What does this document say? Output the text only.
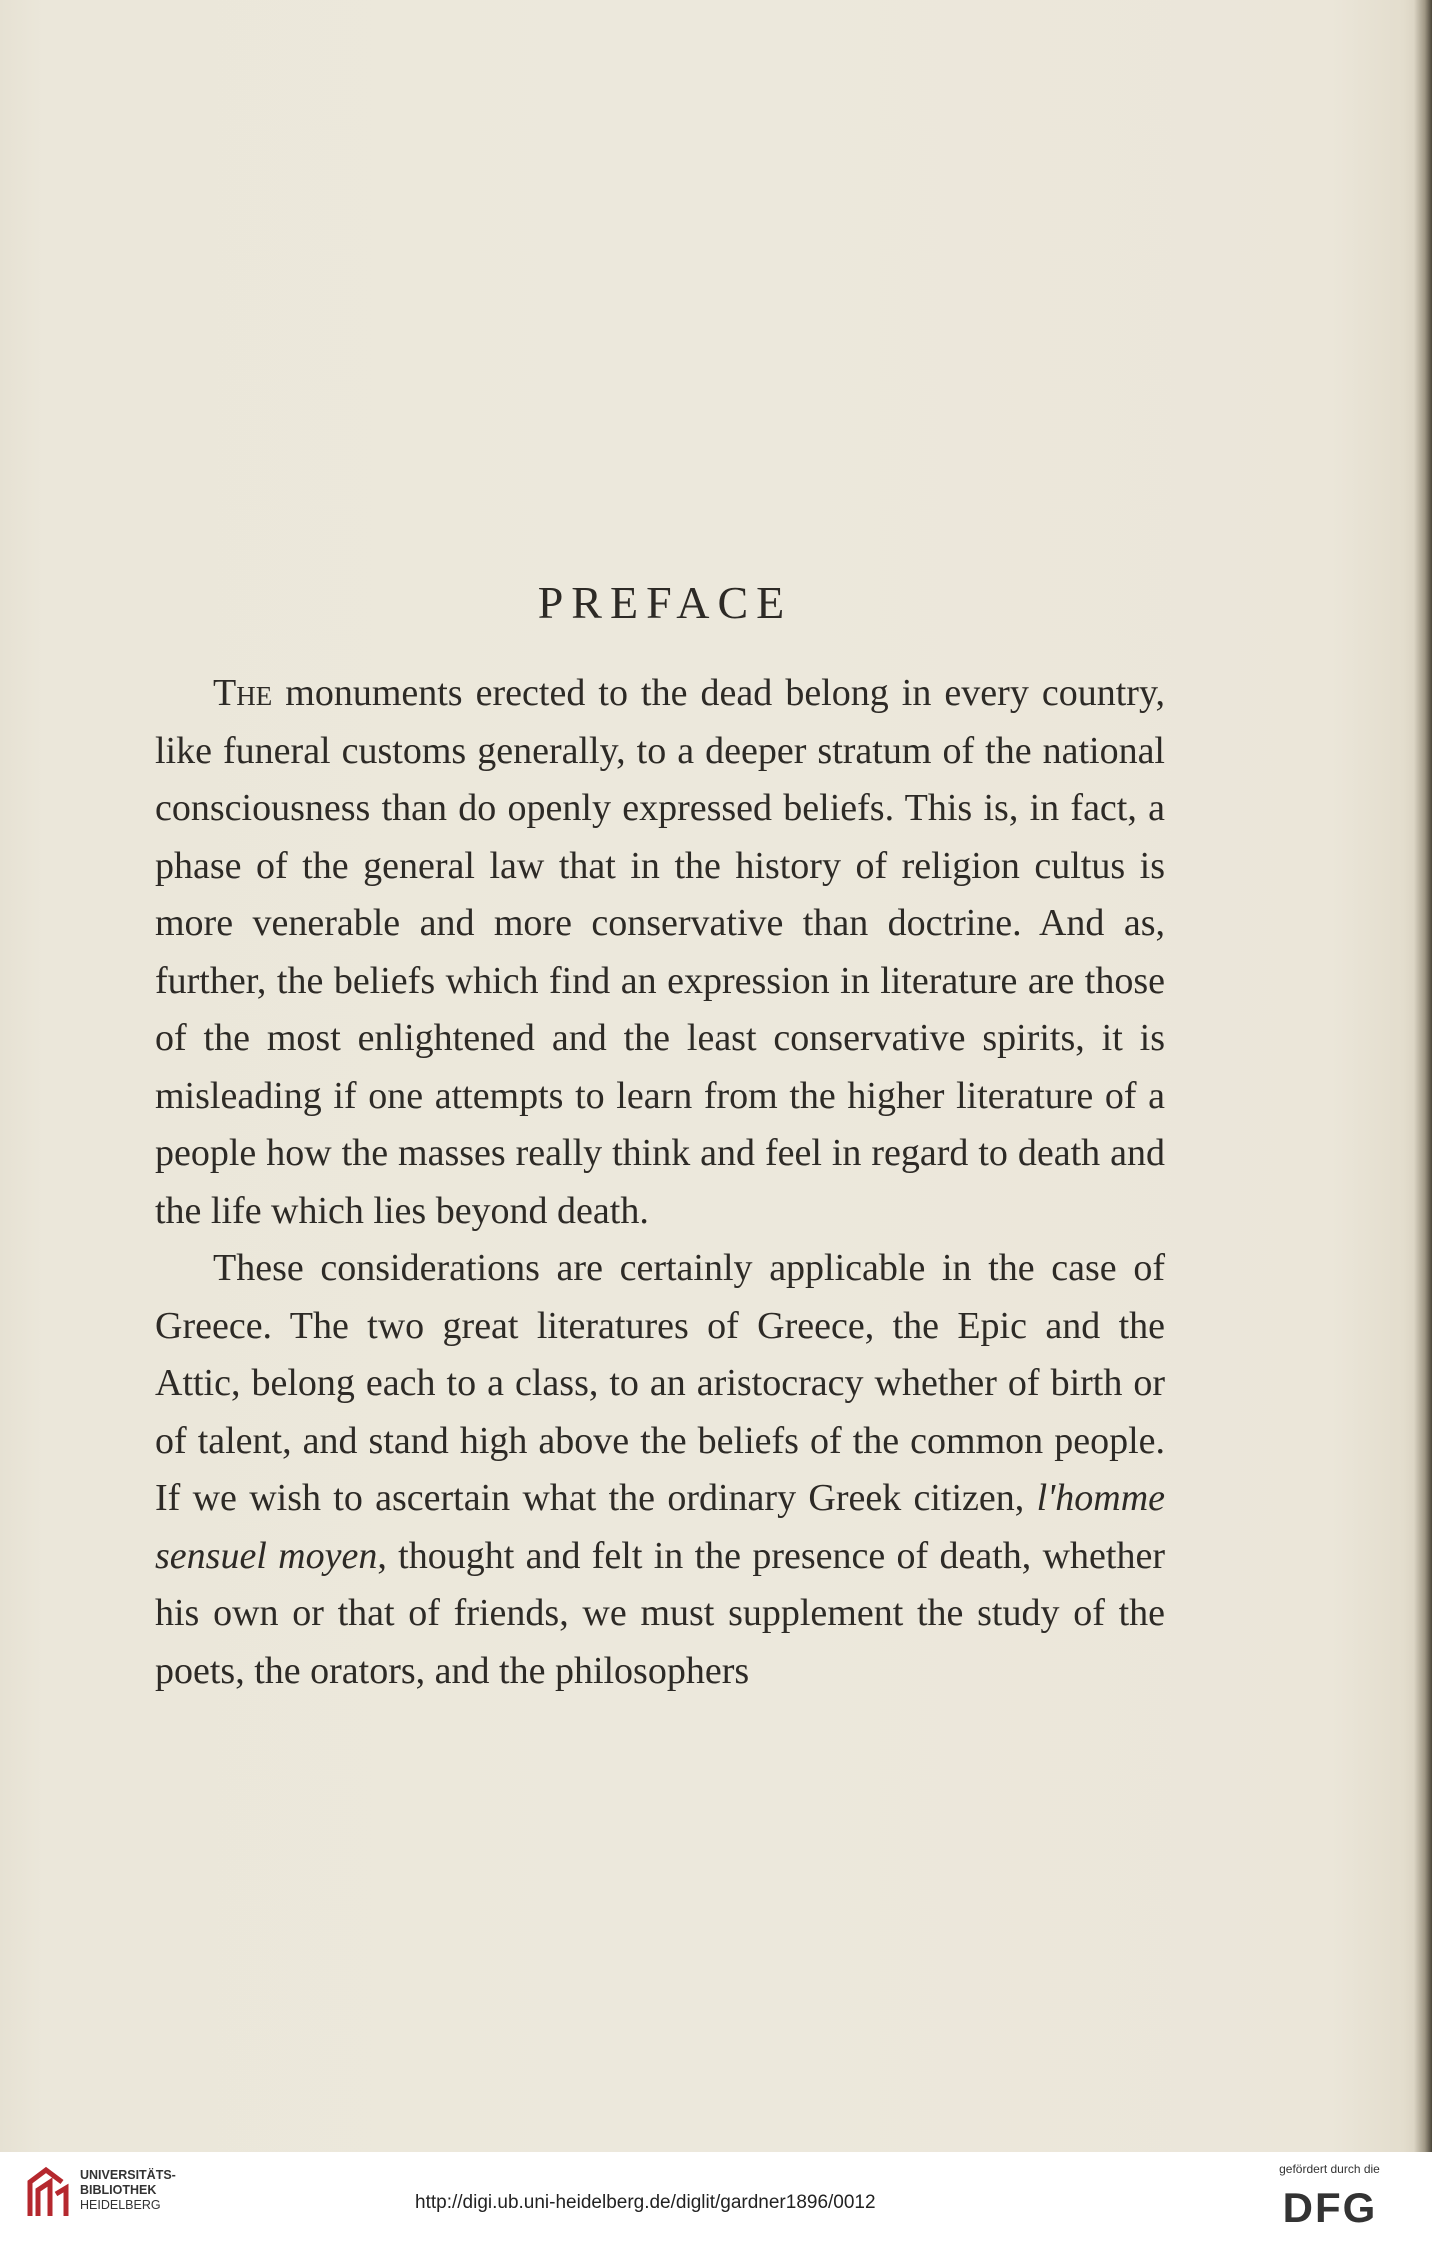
PREFACE

The monuments erected to the dead belong in every country, like funeral customs generally, to a deeper stratum of the national consciousness than do openly expressed beliefs. This is, in fact, a phase of the general law that in the history of religion cultus is more venerable and more conservative than doctrine. And as, further, the beliefs which find an expression in literature are those of the most enlightened and the least conservative spirits, it is misleading if one attempts to learn from the higher literature of a people how the masses really think and feel in regard to death and the life which lies beyond death.

These considerations are certainly applicable in the case of Greece. The two great literatures of Greece, the Epic and the Attic, belong each to a class, to an aristocracy whether of birth or of talent, and stand high above the beliefs of the common people. If we wish to ascertain what the ordinary Greek citizen, l'homme sensuel moyen, thought and felt in the presence of death, whether his own or that of friends, we must supplement the study of the poets, the orators, and the philosophers

UNIVERSITÄTS-
BIBLIOTHEK
HEIDELBERG	http://digi.ub.uni-heidelberg.de/diglit/gardner1896/0012
gefördert durch die
DFG
